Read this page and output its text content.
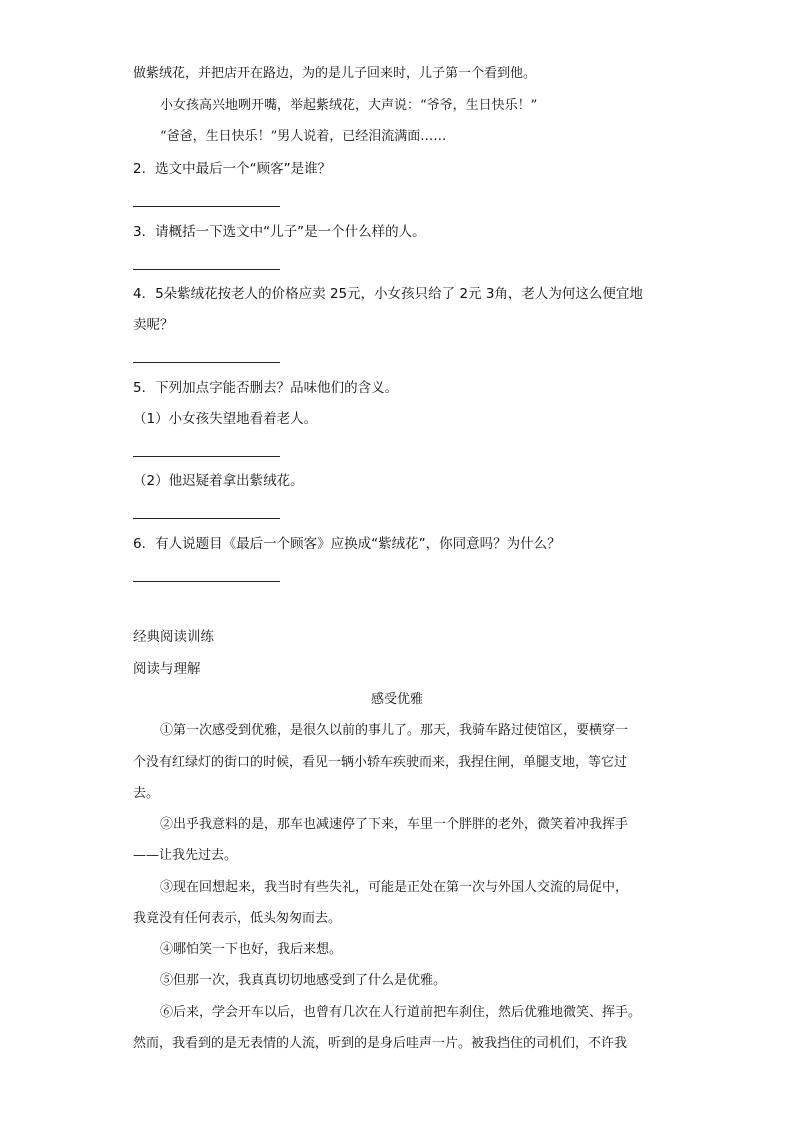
做紫绒花，并把店开在路边，为的是儿子回来时，儿子第一个看到他。
小女孩高兴地咧开嘴，举起紫绒花，大声说：“爷爷，生日快乐！”
“爸爸，生日快乐！”男人说着，已经泪流满面……
2．选文中最后一个“顾客”是谁？
3．请概括一下选文中“儿子”是一个什么样的人。
4．5朵紫绒花按老人的价格应卖 25元，小女孩只给了 2元 3角，老人为何这么便宜地
卖呢？
5．下列加点字能否删去？品味他们的含义。
（1）小女孩失望地看着老人。
（2）他迟疑着拿出紫绒花。
6．有人说题目《最后一个顾客》应换成“紫绒花”，你同意吗？为什么？
经典阅读训练
阅读与理解
感受优雅
①第一次感受到优雅，是很久以前的事儿了。那天，我骑车路过使馆区，要横穿一
个没有红绿灯的街口的时候，看见一辆小轿车疾驶而来，我捏住闸，单腿支地，等它过
去。
②出乎我意料的是，那车也减速停了下来，车里一个胖胖的老外，微笑着冲我挥手
——让我先过去。
③现在回想起来，我当时有些失礼，可能是正处在第一次与外国人交流的局促中，
我竟没有任何表示，低头匆匆而去。
④哪怕笑一下也好，我后来想。
⑤但那一次，我真真切切地感受到了什么是优雅。
⑥后来，学会开车以后，也曾有几次在人行道前把车刹住，然后优雅地微笑、挥手。
然而，我看到的是无表情的人流，听到的是身后哇声一片。被我挡住的司机们，不许我
